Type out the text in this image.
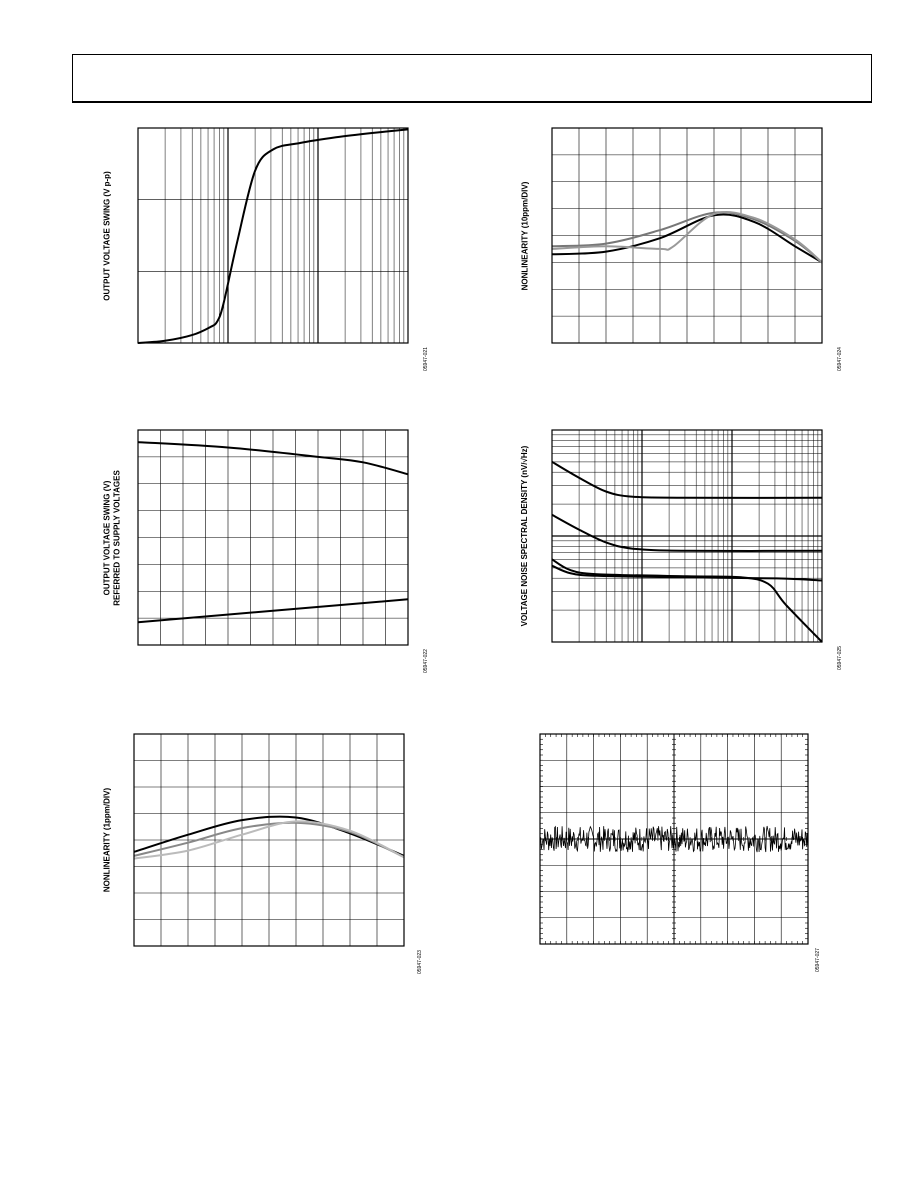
OUTPUT VOLTAGE SWING (V p-p)
05947-021
OUTPUT VOLTAGE SWING (V)
REFERRED TO SUPPLY VOLTAGES
05947-022
NONLINEARITY (1ppm/DIV)
05947-023
NONLINEARITY (10ppm/DIV)
05947-024
VOLTAGE NOISE SPECTRAL DENSITY (nV/√Hz)
05947-025
05947-027
